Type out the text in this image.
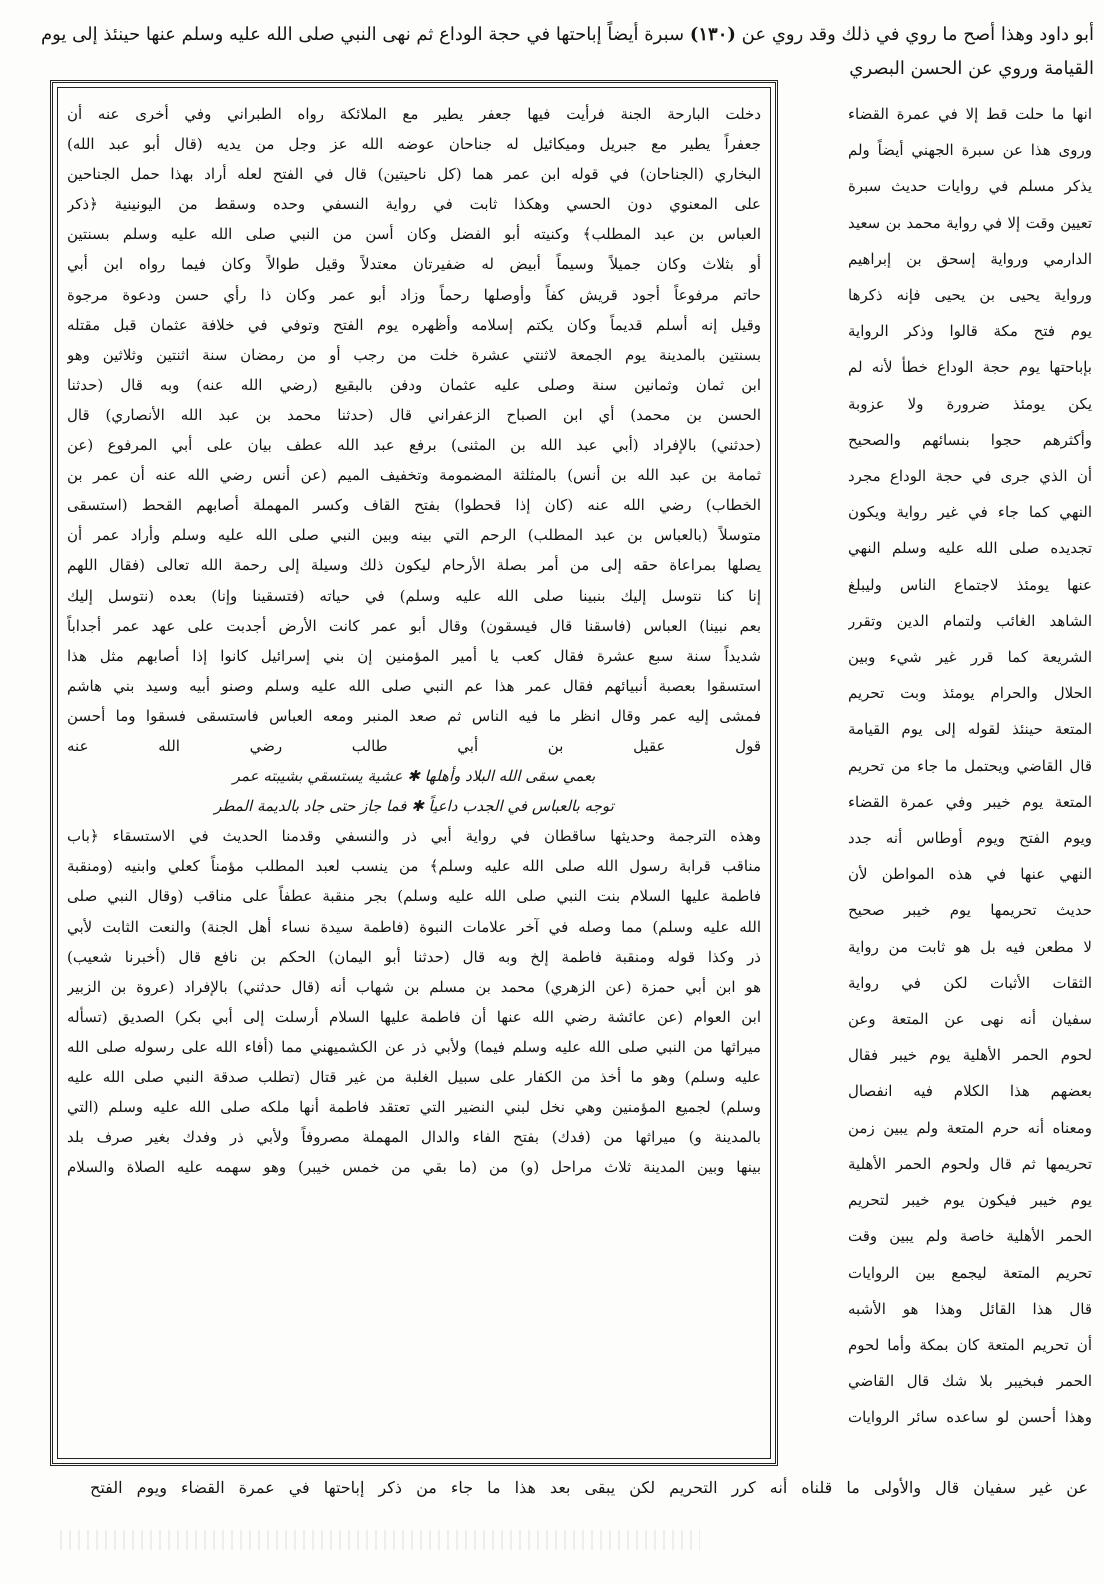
أبو داود وهذا أصح ما روي في ذلك وقد روي عن (١٣٠) سبرة أيضاً إباحتها في حجة الوداع ثم نهى النبي صلى الله عليه وسلم عنها حينئذ إلى يوم
القيامة وروي عن الحسن البصري
انها ما حلت قط إلا في عمرة القضاء
وروى هذا عن سبرة الجهني أيضاً ولم
يذكر مسلم في روايات حديث سبرة
تعيين وقت إلا في رواية محمد بن سعيد
الدارمي ورواية إسحق بن إبراهيم
ورواية يحيى بن يحيى فإنه ذكرها
يوم فتح مكة قالوا وذكر الرواية
بإباحتها يوم حجة الوداع خطأ لأنه لم
يكن يومئذ ضرورة ولا عزوبة
وأكثرهم حجوا بنسائهم والصحيح
أن الذي جرى في حجة الوداع مجرد
النهي كما جاء في غير رواية ويكون
تجديده صلى الله عليه وسلم النهي
عنها يومئذ لاجتماع الناس وليبلغ
الشاهد الغائب ولتمام الدين وتقرر
الشريعة كما قرر غير شيء وبين
الحلال والحرام يومئذ وبت تحريم
المتعة حينئذ لقوله إلى يوم القيامة
قال القاضي ويحتمل ما جاء من تحريم
المتعة يوم خيبر وفي عمرة القضاء
ويوم الفتح ويوم أوطاس أنه جدد
النهي عنها في هذه المواطن لأن
حديث تحريمها يوم خيبر صحيح
لا مطعن فيه بل هو ثابت من رواية
الثقات الأثبات لكن في رواية
سفيان أنه نهى عن المتعة وعن
لحوم الحمر الأهلية يوم خيبر فقال
بعضهم هذا الكلام فيه انفصال
ومعناه أنه حرم المتعة ولم يبين زمن
تحريمها ثم قال ولحوم الحمر الأهلية
يوم خيبر فيكون يوم خيبر لتحريم
الحمر الأهلية خاصة ولم يبين وقت
تحريم المتعة ليجمع بين الروايات
قال هذا القائل وهذا هو الأشبه
أن تحريم المتعة كان بمكة وأما لحوم
الحمر فبخيبر بلا شك قال القاضي
وهذا أحسن لو ساعده سائر الروايات
دخلت البارحة الجنة فرأيت فيها جعفر يطير مع الملائكة رواه الطبراني وفي أخرى عنه أن
جعفراً يطير مع جبريل وميكائيل له جناحان عوضه الله عز وجل من يديه (قال أبو عبد الله)
البخاري (الجناحان) في قوله ابن عمر هما (كل ناحيتين) قال في الفتح لعله أراد بهذا حمل الجناحين
على المعنوي دون الحسي وهكذا ثابت في رواية النسفي وحده وسقط من اليونينية ﴿ذكر
العباس بن عبد المطلب﴾ وكنيته أبو الفضل وكان أسن من النبي صلى الله عليه وسلم بسنتين
أو بثلاث وكان جميلاً وسيماً أبيض له ضفيرتان معتدلاً وقيل طوالاً وكان فيما رواه ابن أبي
حاتم مرفوعاً أجود قريش كفاً وأوصلها رحماً وزاد أبو عمر وكان ذا رأي حسن ودعوة مرجوة
وقيل إنه أسلم قديماً وكان يكتم إسلامه وأظهره يوم الفتح وتوفي في خلافة عثمان قبل مقتله
بسنتين بالمدينة يوم الجمعة لاثنتي عشرة خلت من رجب أو من رمضان سنة اثنتين وثلاثين وهو
ابن ثمان وثمانين سنة وصلى عليه عثمان ودفن بالبقيع (رضي الله عنه) وبه قال (حدثنا
الحسن بن محمد) أي ابن الصباح الزعفراني قال (حدثنا محمد بن عبد الله الأنصاري) قال
(حدثني) بالإفراد (أبي عبد الله بن المثنى) برفع عبد الله عطف بيان على أبي المرفوع (عن
ثمامة بن عبد الله بن أنس) بالمثلثة المضمومة وتخفيف الميم (عن أنس رضي الله عنه أن عمر بن
الخطاب) رضي الله عنه (كان إذا قحطوا) بفتح القاف وكسر المهملة أصابهم القحط (استسقى
متوسلاً (بالعباس بن عبد المطلب) الرحم التي بينه وبين النبي صلى الله عليه وسلم وأراد عمر أن
يصلها بمراعاة حقه إلى من أمر بصلة الأرحام ليكون ذلك وسيلة إلى رحمة الله تعالى (فقال اللهم
إنا كنا نتوسل إليك بنبينا صلى الله عليه وسلم) في حياته (فتسقينا وإنا) بعده (نتوسل إليك
بعم نبينا) العباس (فاسقنا قال فيسقون) وقال أبو عمر كانت الأرض أجدبت على عهد عمر أجداباً
شديداً سنة سبع عشرة فقال كعب يا أمير المؤمنين إن بني إسرائيل كانوا إذا أصابهم مثل هذا
استسقوا بعصبة أنبيائهم فقال عمر هذا عم النبي صلى الله عليه وسلم وصنو أبيه وسيد بني هاشم
فمشى إليه عمر وقال انظر ما فيه الناس ثم صعد المنبر ومعه العباس فاستسقى فسقوا وما أحسن
قول عقيل بن أبي طالب رضي الله عنه
بعمي سقى الله البلاد وأهلها ✱ عشية يستسقي بشيبته عمر
توجه بالعباس في الجدب داعياً ✱ فما جاز حتى جاد بالديمة المطر
وهذه الترجمة وحديثها ساقطان في رواية أبي ذر والنسفي وقدمنا الحديث في الاستسقاء ﴿باب
مناقب قرابة رسول الله صلى الله عليه وسلم﴾ من ينسب لعبد المطلب مؤمناً كعلي وابنيه (ومنقبة
فاطمة عليها السلام بنت النبي صلى الله عليه وسلم) بجر منقبة عطفاً على مناقب (وقال النبي صلى
الله عليه وسلم) مما وصله في آخر علامات النبوة (فاطمة سيدة نساء أهل الجنة) والنعت الثابت لأبي
ذر وكذا قوله ومنقبة فاطمة إلخ وبه قال (حدثنا أبو اليمان) الحكم بن نافع قال (أخبرنا شعيب)
هو ابن أبي حمزة (عن الزهري) محمد بن مسلم بن شهاب أنه (قال حدثني) بالإفراد (عروة بن الزبير
ابن العوام (عن عائشة رضي الله عنها أن فاطمة عليها السلام أرسلت إلى أبي بكر) الصديق (تسأله
ميراثها من النبي صلى الله عليه وسلم فيما) ولأبي ذر عن الكشميهني مما (أفاء الله على رسوله صلى الله
عليه وسلم) وهو ما أخذ من الكفار على سبيل الغلبة من غير قتال (تطلب صدقة النبي صلى الله عليه
وسلم) لجميع المؤمنين وهي نخل لبني النضير التي تعتقد فاطمة أنها ملكه صلى الله عليه وسلم (التي
بالمدينة و) ميراثها من (فدك) بفتح الفاء والدال المهملة مصروفاً ولأبي ذر وفدك بغير صرف بلد
بينها وبين المدينة ثلاث مراحل (و) من (ما بقي من خمس خيبر) وهو سهمه عليه الصلاة والسلام
عن غير سفيان قال والأولى ما قلناه أنه كرر التحريم لكن يبقى بعد هذا ما جاء من ذكر إباحتها في عمرة القضاء ويوم الفتح
